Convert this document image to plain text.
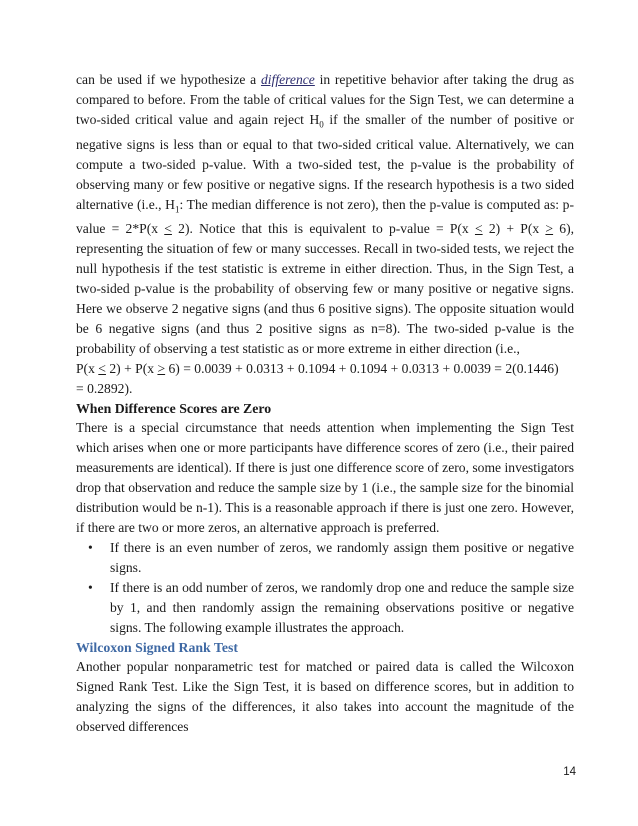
can be used if we hypothesize a difference in repetitive behavior after taking the drug as compared to before. From the table of critical values for the Sign Test, we can determine a two-sided critical value and again reject $H_0$ if the smaller of the number of positive or negative signs is less than or equal to that two-sided critical value. Alternatively, we can compute a two-sided p-value. With a two-sided test, the p-value is the probability of observing many or few positive or negative signs. If the research hypothesis is a two sided alternative (i.e., $H_1$: The median difference is not zero), then the p-value is computed as: p-value = 2*P(x ≤ 2). Notice that this is equivalent to p-value = P(x ≤ 2) + P(x ≥ 6), representing the situation of few or many successes. Recall in two-sided tests, we reject the null hypothesis if the test statistic is extreme in either direction. Thus, in the Sign Test, a two-sided p-value is the probability of observing few or many positive or negative signs. Here we observe 2 negative signs (and thus 6 positive signs). The opposite situation would be 6 negative signs (and thus 2 positive signs as n=8). The two-sided p-value is the probability of observing a test statistic as or more extreme in either direction (i.e.,

P(x ≤ 2) + P(x ≥ 6) = 0.0039 + 0.0313 + 0.1094 + 0.1094 + 0.0313 + 0.0039 = 2(0.1446)

= 0.2892).

When Difference Scores are Zero

There is a special circumstance that needs attention when implementing the Sign Test which arises when one or more participants have difference scores of zero (i.e., their paired measurements are identical). If there is just one difference score of zero, some investigators drop that observation and reduce the sample size by 1 (i.e., the sample size for the binomial distribution would be n-1). This is a reasonable approach if there is just one zero. However, if there are two or more zeros, an alternative approach is preferred.

• If there is an even number of zeros, we randomly assign them positive or negative signs.
• If there is an odd number of zeros, we randomly drop one and reduce the sample size by 1, and then randomly assign the remaining observations positive or negative signs. The following example illustrates the approach.

Wilcoxon Signed Rank Test

Another popular nonparametric test for matched or paired data is called the Wilcoxon Signed Rank Test. Like the Sign Test, it is based on difference scores, but in addition to analyzing the signs of the differences, it also takes into account the magnitude of the observed differences

14
